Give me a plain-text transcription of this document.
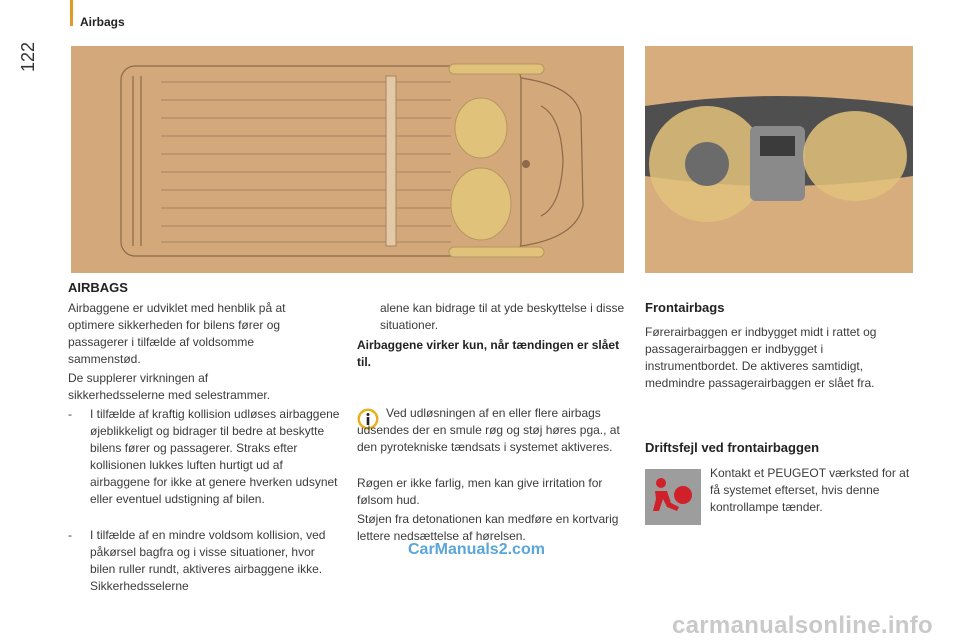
Airbags
122
AIRBAGS
Airbaggene er udviklet med henblik på at optimere sikkerheden for bilens fører og passagerer i tilfælde af voldsomme sammenstød.
De supplerer virkningen af sikkerhedsselerne med selestrammer.
-	I tilfælde af kraftig kollision udløses airbaggene øjeblikkeligt og bidrager til bedre at beskytte bilens fører og passagerer. Straks efter kollisionen lukkes luften hurtigt ud af airbaggene for ikke at genere hverken udsynet eller eventuel udstigning af bilen.
-	I tilfælde af en mindre voldsom kollision, ved påkørsel bagfra og i visse situationer, hvor bilen ruller rundt, aktiveres airbaggene ikke. Sikkerhedsselerne
alene kan bidrage til at yde beskyttelse i disse situationer.
Airbaggene virker kun, når tændingen er slået til.
Ved udløsningen af en eller flere airbags udsendes der en smule røg og støj høres pga., at den pyrotekniske tændsats i systemet aktiveres.
Røgen er ikke farlig, men kan give irritation for følsom hud.
Støjen fra detonationen kan medføre en kortvarig lettere nedsættelse af hørelsen.
Frontairbags
Førerairbaggen er indbygget midt i rattet og passagerairbaggen er indbygget i instrumentbordet. De aktiveres samtidigt, medmindre passagerairbaggen er slået fra.
Driftsfejl ved frontairbaggen
Kontakt et PEUGEOT værksted for at få systemet efterset, hvis denne kontrollampe tænder.
CarManuals2.com
carmanualsonline.info
